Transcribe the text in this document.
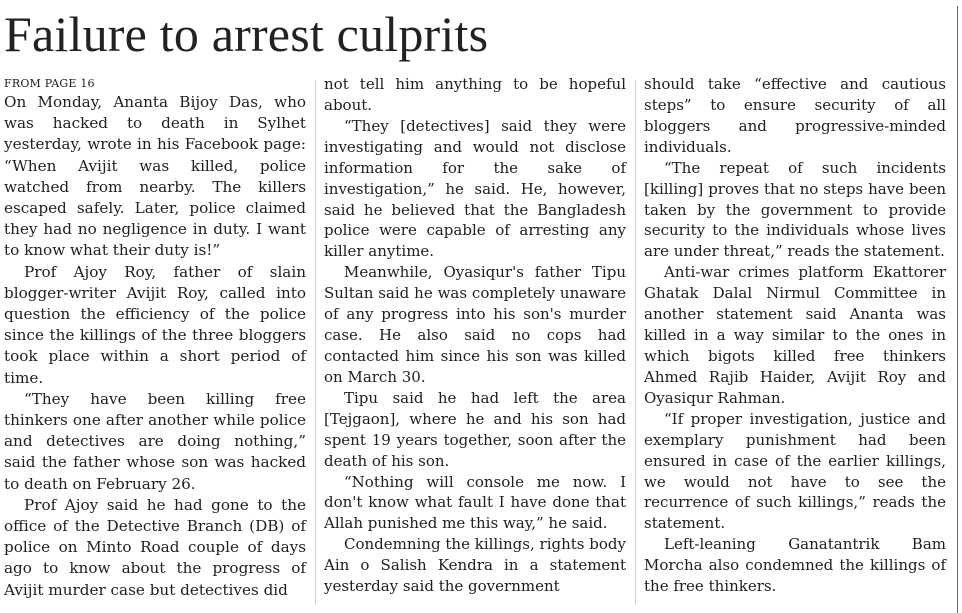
Failure to arrest culprits
FROM PAGE 16

On Monday, Ananta Bijoy Das, who was hacked to death in Sylhet yesterday, wrote in his Facebook page: “When Avijit was killed, police watched from nearby. The killers escaped safely. Later, police claimed they had no negligence in duty. I want to know what their duty is!”

Prof Ajoy Roy, father of slain blogger-writer Avijit Roy, called into question the efficiency of the police since the killings of the three bloggers took place within a short period of time.

“They have been killing free thinkers one after another while police and detectives are doing nothing,” said the father whose son was hacked to death on February 26.

Prof Ajoy said he had gone to the office of the Detective Branch (DB) of police on Minto Road couple of days ago to know about the progress of Avijit murder case but detectives did

not tell him anything to be hopeful about.

“They [detectives] said they were investigating and would not disclose information for the sake of investigation,” he said. He, however, said he believed that the Bangladesh police were capable of arresting any killer anytime.

Meanwhile, Oyasiqur's father Tipu Sultan said he was completely unaware of any progress into his son's murder case. He also said no cops had contacted him since his son was killed on March 30.

Tipu said he had left the area [Tejgaon], where he and his son had spent 19 years together, soon after the death of his son.

“Nothing will console me now. I don't know what fault I have done that Allah punished me this way,” he said.

Condemning the killings, rights body Ain o Salish Kendra in a statement yesterday said the government

should take “effective and cautious steps” to ensure security of all bloggers and progressive-minded individuals.

“The repeat of such incidents [killing] proves that no steps have been taken by the government to provide security to the individuals whose lives are under threat,” reads the statement.

Anti-war crimes platform Ekattorer Ghatak Dalal Nirmul Committee in another statement said Ananta was killed in a way similar to the ones in which bigots killed free thinkers Ahmed Rajib Haider, Avijit Roy and Oyasiqur Rahman.

“If proper investigation, justice and exemplary punishment had been ensured in case of the earlier killings, we would not have to see the recurrence of such killings,” reads the statement.

Left-leaning Ganatantrik Bam Morcha also condemned the killings of the free thinkers.
